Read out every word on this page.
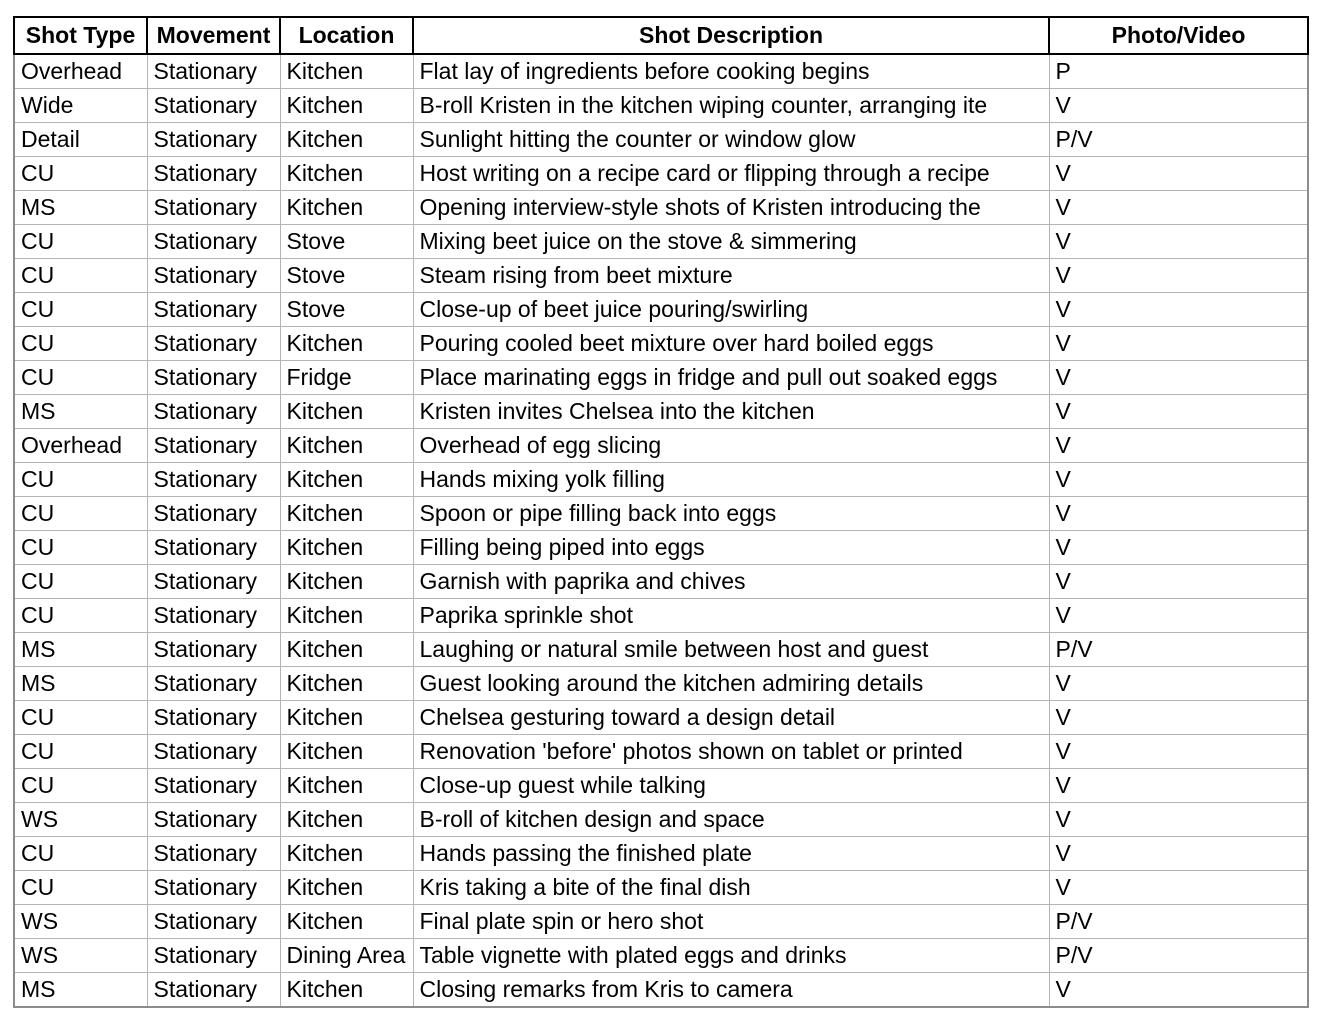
Shot Type	Movement	Location	Shot Description	Photo/Video
Overhead	Stationary	Kitchen	Flat lay of ingredients before cooking begins	P
Wide	Stationary	Kitchen	B-roll Kristen in the kitchen wiping counter, arranging ite	V
Detail	Stationary	Kitchen	Sunlight hitting the counter or window glow	P/V
CU	Stationary	Kitchen	Host writing on a recipe card or flipping through a recipe	V
MS	Stationary	Kitchen	Opening interview-style shots of Kristen introducing the	V
CU	Stationary	Stove	Mixing beet juice on the stove & simmering	V
CU	Stationary	Stove	Steam rising from beet mixture	V
CU	Stationary	Stove	Close-up of beet juice pouring/swirling	V
CU	Stationary	Kitchen	Pouring cooled beet mixture over hard boiled eggs	V
CU	Stationary	Fridge	Place marinating eggs in fridge and pull out soaked eggs	V
MS	Stationary	Kitchen	Kristen invites Chelsea into the kitchen	V
Overhead	Stationary	Kitchen	Overhead of egg slicing	V
CU	Stationary	Kitchen	Hands mixing yolk filling	V
CU	Stationary	Kitchen	Spoon or pipe filling back into eggs	V
CU	Stationary	Kitchen	Filling being piped into eggs	V
CU	Stationary	Kitchen	Garnish with paprika and chives	V
CU	Stationary	Kitchen	Paprika sprinkle shot	V
MS	Stationary	Kitchen	Laughing or natural smile between host and guest	P/V
MS	Stationary	Kitchen	Guest looking around the kitchen admiring details	V
CU	Stationary	Kitchen	Chelsea gesturing toward a design detail	V
CU	Stationary	Kitchen	Renovation 'before' photos shown on tablet or printed	V
CU	Stationary	Kitchen	Close-up guest while talking	V
WS	Stationary	Kitchen	B-roll of kitchen design and space	V
CU	Stationary	Kitchen	Hands passing the finished plate	V
CU	Stationary	Kitchen	Kris taking a bite of the final dish	V
WS	Stationary	Kitchen	Final plate spin or hero shot	P/V
WS	Stationary	Dining Area	Table vignette with plated eggs and drinks	P/V
MS	Stationary	Kitchen	Closing remarks from Kris to camera	V
